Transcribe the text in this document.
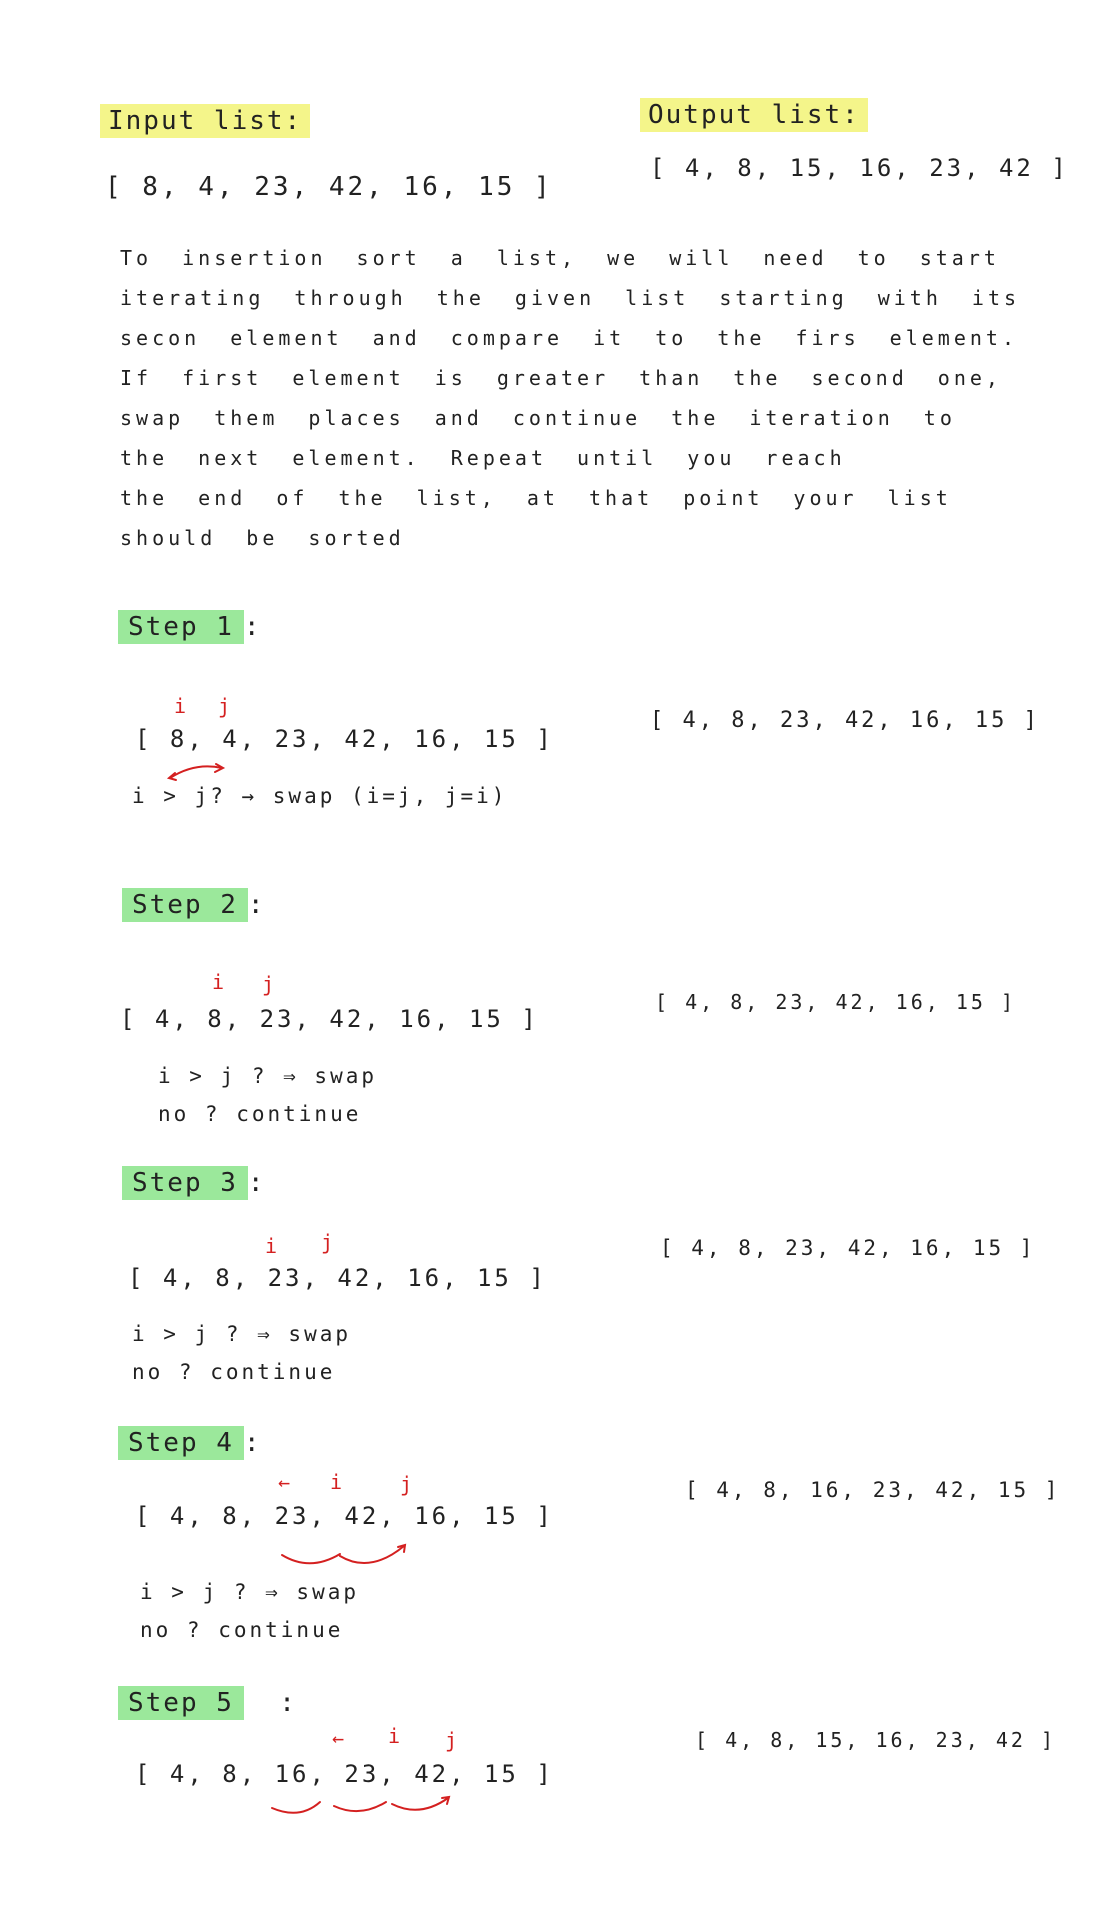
Input list:	Output list:
[ 8, 4, 23, 42, 16, 15 ]
[ 4, 8, 15, 16, 23, 42 ]
To insertion sort a list, we will need to start
iterating through the given list starting with its
secon element and compare it to the firs element.
If first element is greater than the second one,
swap them places and continue the iteration to
the next element. Repeat until you reach
the end of the list, at that point your list
should be sorted
Step 1 :
i j
[ 8, 4, 23, 42, 16, 15 ]
i > j? → swap (i=j, j=i)
[ 4, 8, 23, 42, 16, 15 ]
Step 2 :
i j
[ 4, 8, 23, 42, 16, 15 ]
i > j ? ⇒ swap
no ? continue
[ 4, 8, 23, 42, 16, 15 ]
Step 3 :
i j
[ 4, 8, 23, 42, 16, 15 ]
i > j ? ⇒ swap
no ? continue
[ 4, 8, 23, 42, 16, 15 ]
Step 4 :
← i	j
[ 4, 8, 23, 42, 16, 15 ]
i > j ? ⇒ swap
no ? continue
[ 4, 8, 16, 23, 42, 15 ]
Step 5 :
← i j
[ 4, 8, 16, 23, 42, 15 ]
[ 4, 8, 15, 16, 23, 42 ]
